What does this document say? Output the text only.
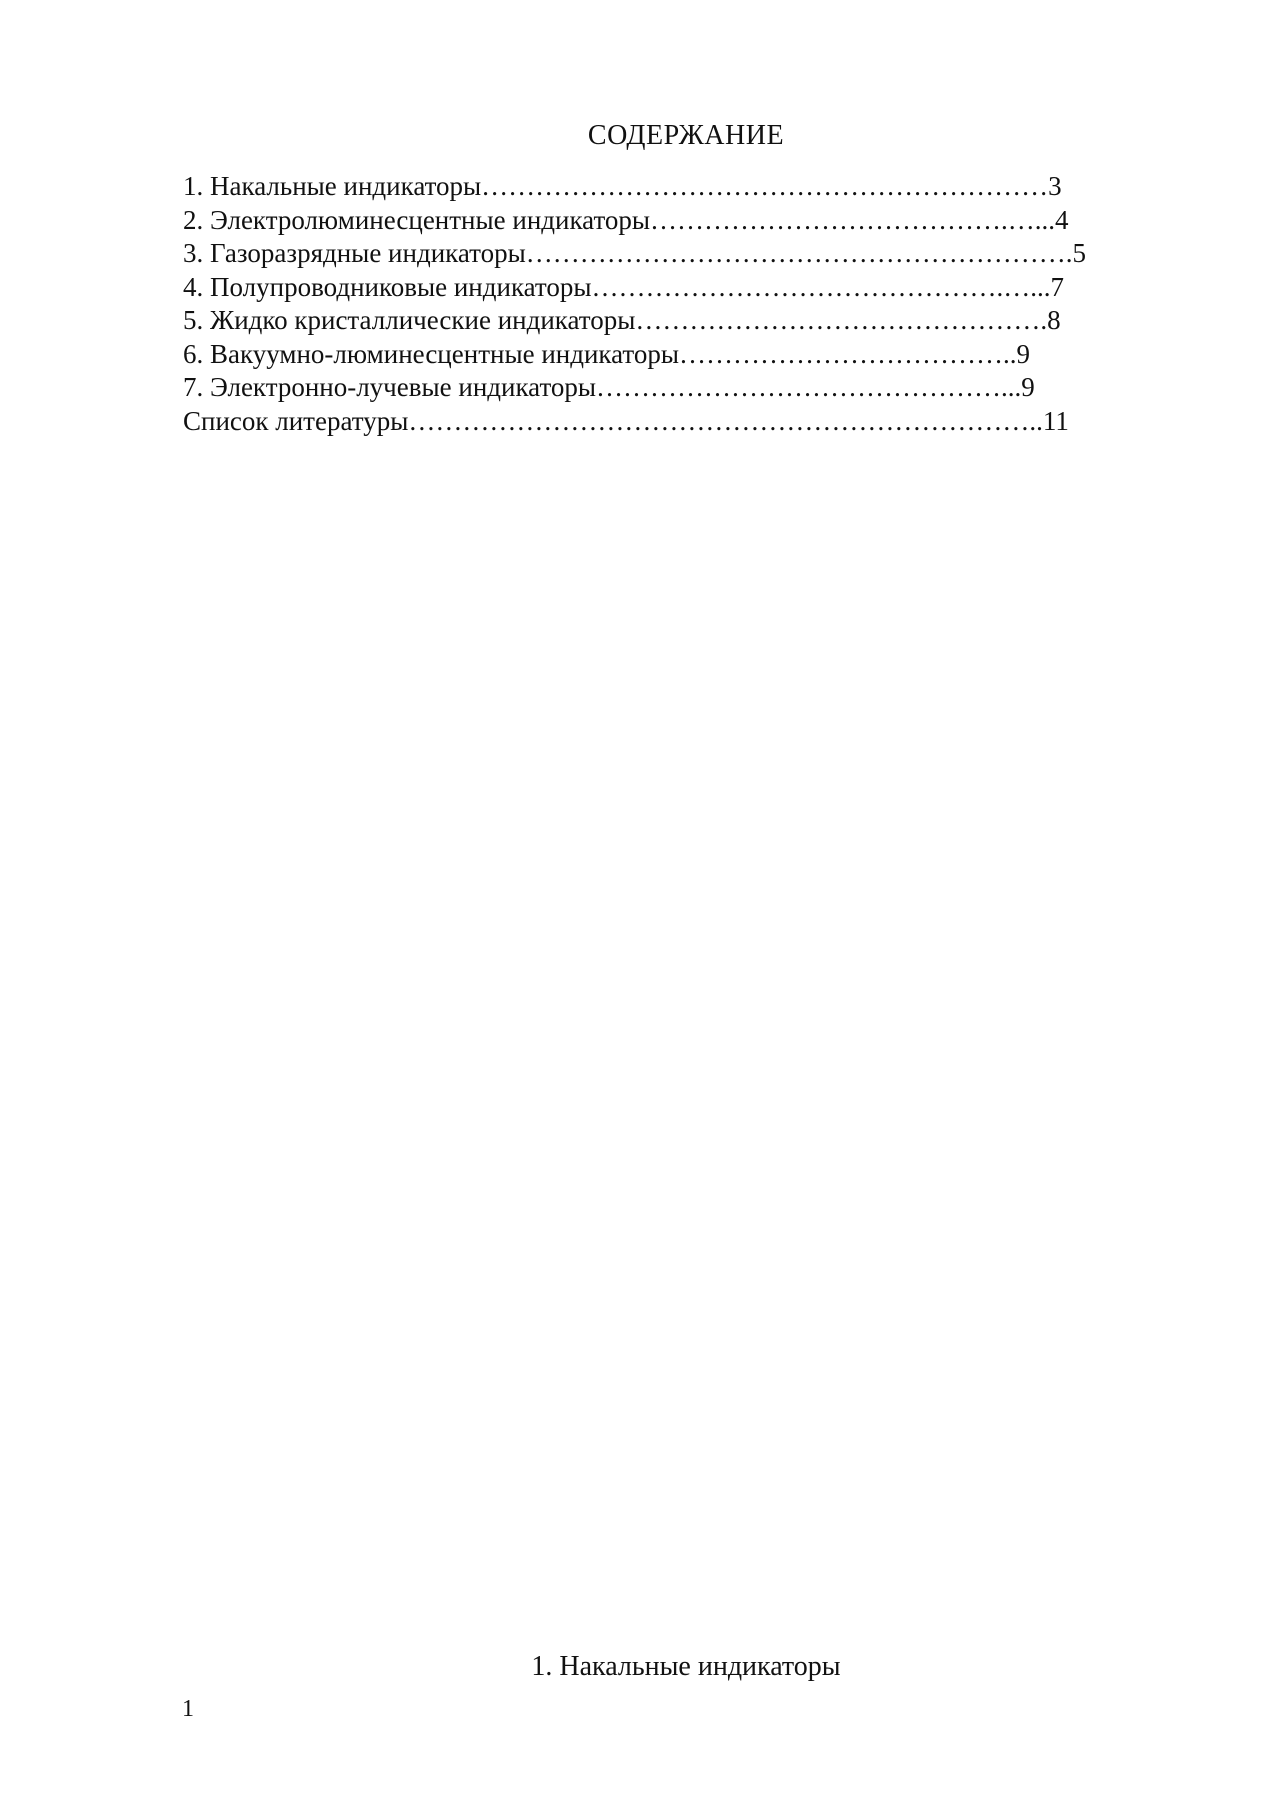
СОДЕРЖАНИЕ
1. Накальные индикаторы………………………………………………………3
2. Электролюминесцентные индикаторы………………………………….…...4
3. Газоразрядные индикаторы…………………………………………………….5
4. Полупроводниковые индикаторы……………………………………….…...7
5. Жидко кристаллические индикаторы……………………………………….8
6. Вакуумно-люминесцентные индикаторы………………………………..9
7. Электронно-лучевые индикаторы………………………………………...9
Список литературы……………………………………………………………..11
1. Накальные индикаторы
1
